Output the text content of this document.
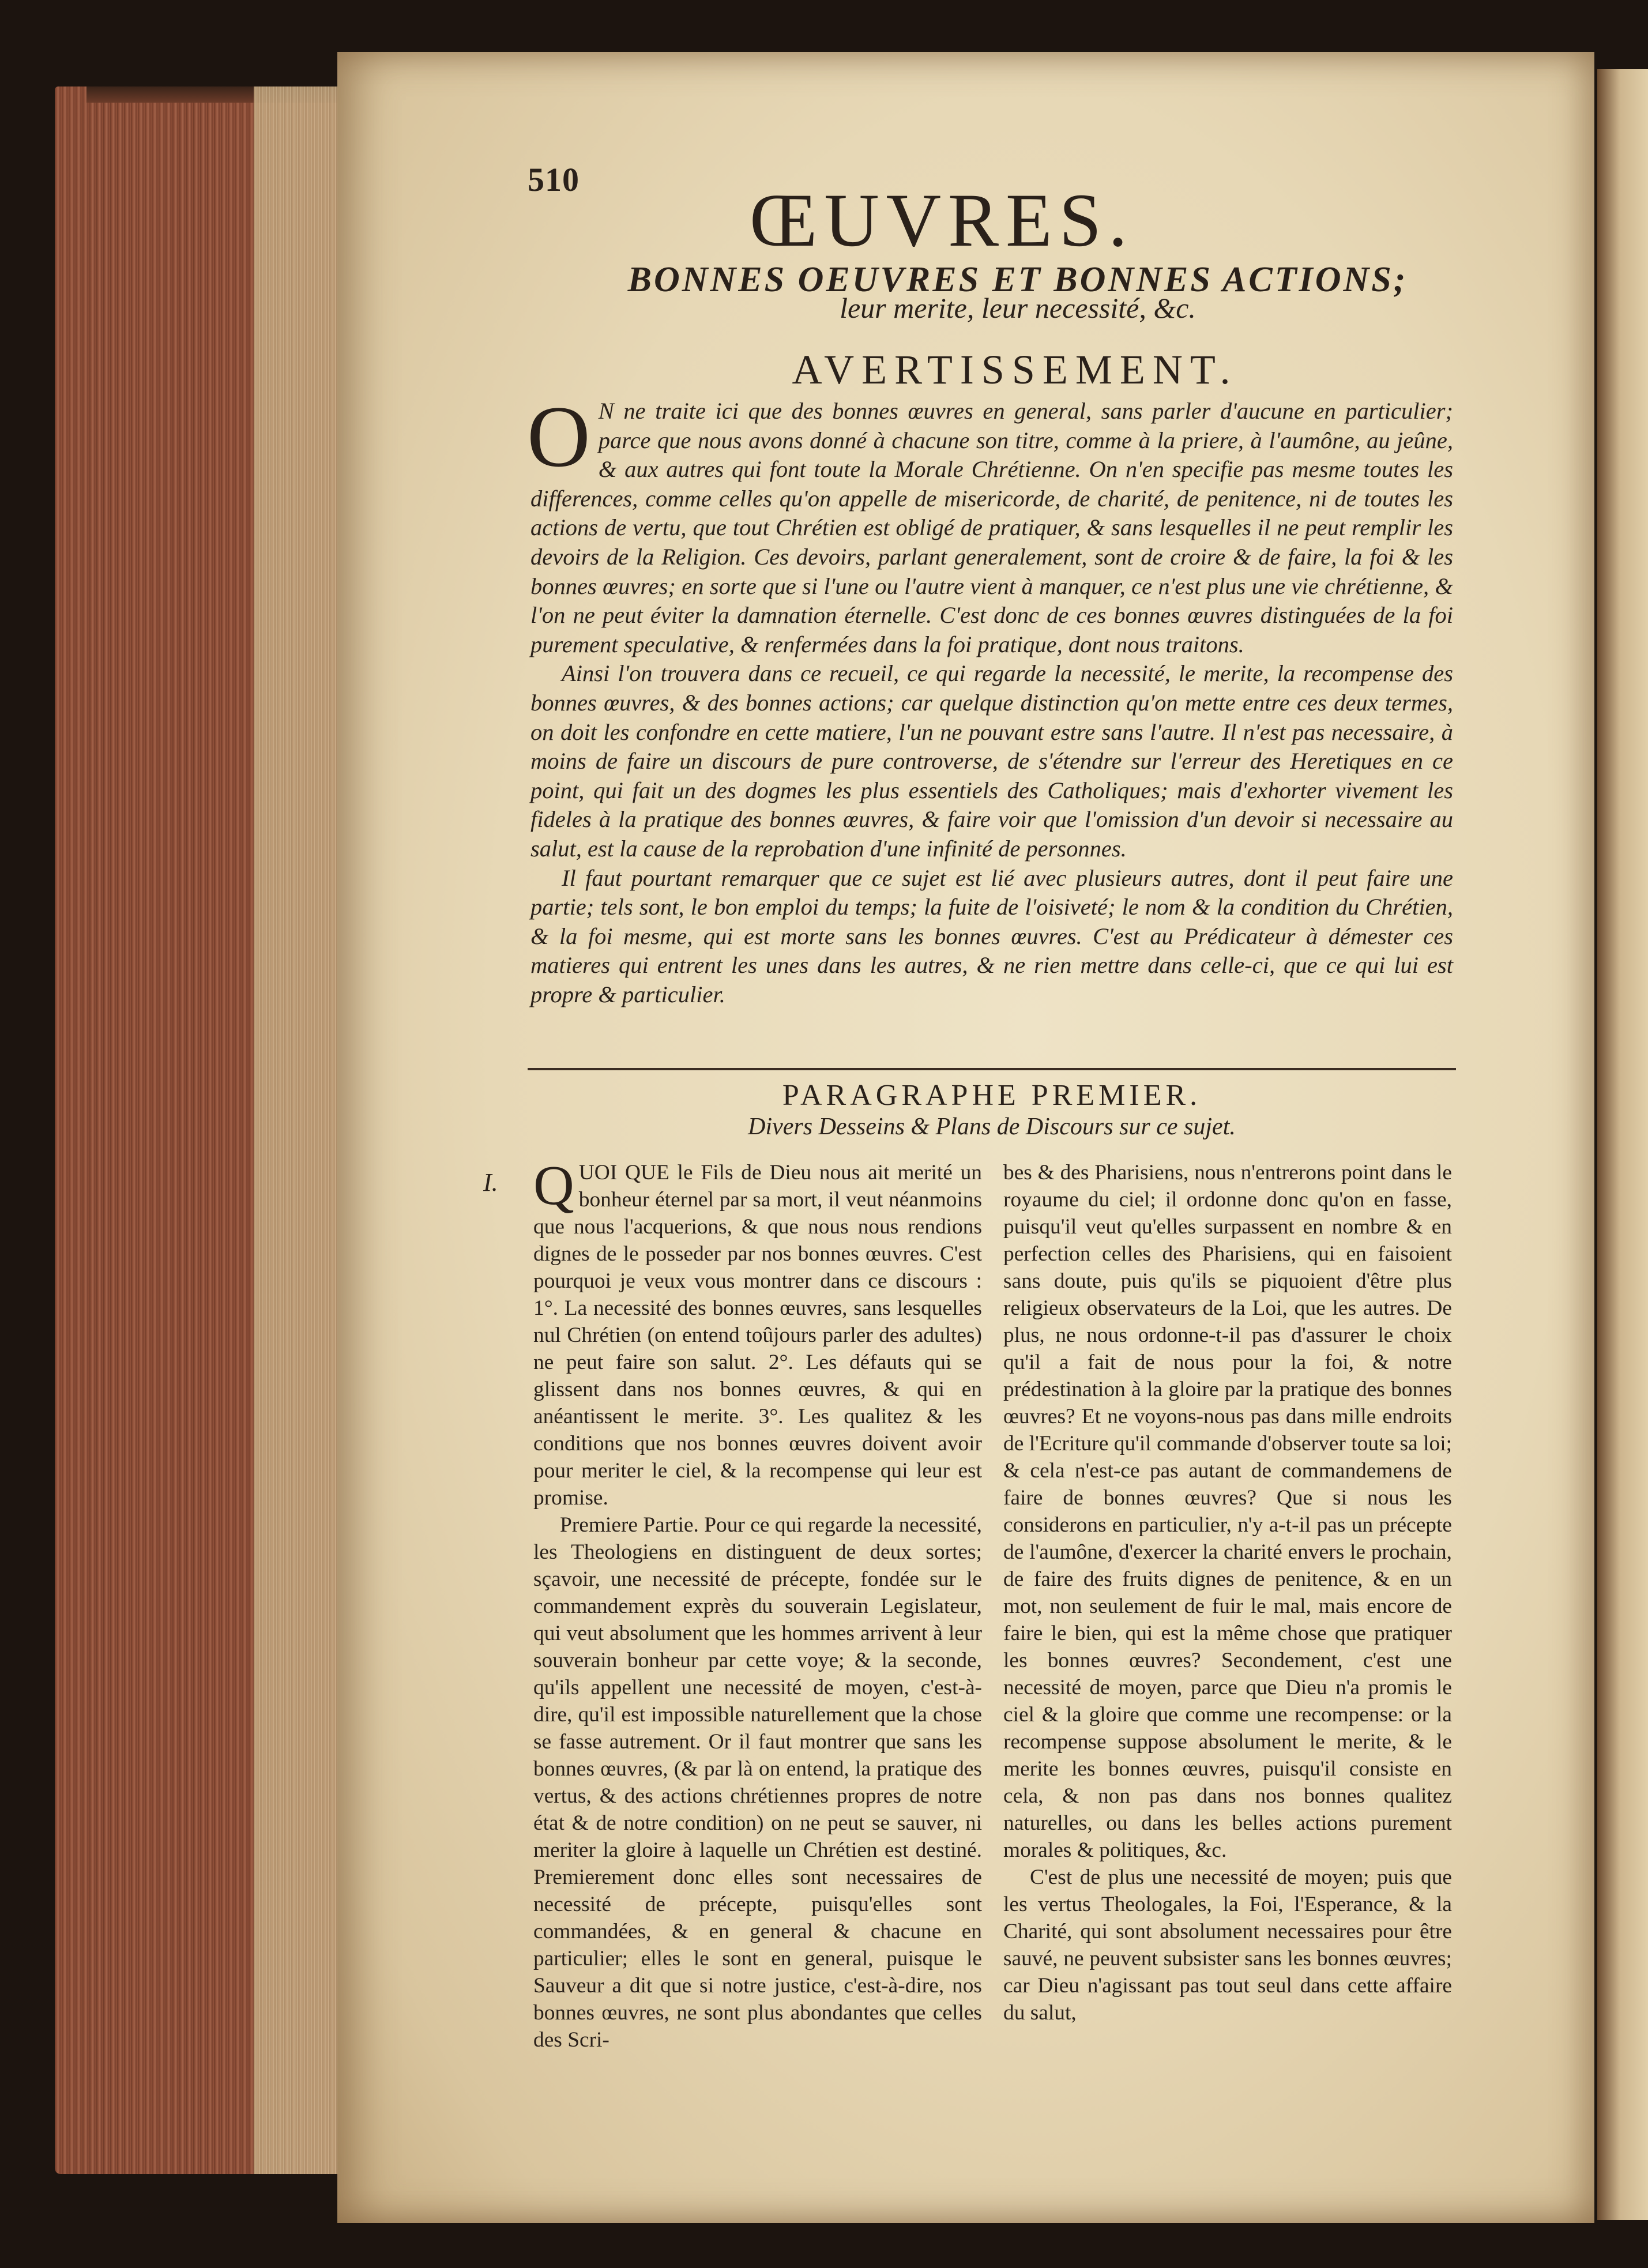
510 ŒUVRES.
BONNES OEUVRES ET BONNES ACTIONS;
leur merite, leur necessité, &c.
AVERTISSEMENT.
O N ne traite ici que des bonnes œuvres en general, sans parler d'aucune en particulier; parce que nous avons donné à chacune son titre, comme à la priere, à l'aumône, au jeûne, & aux autres qui font toute la Morale Chrétienne. On n'en specifie pas mesme toutes les differences, comme celles qu'on appelle de misericorde, de charité, de penitence, ni de toutes les actions de vertu, que tout Chrétien est obligé de pratiquer, & sans lesquelles il ne peut remplir les devoirs de la Religion. Ces devoirs, parlant generalement, sont de croire & de faire, la foi & les bonnes œuvres; en sorte que si l'une ou l'autre vient à manquer, ce n'est plus une vie chrétienne, & l'on ne peut éviter la damnation éternelle. C'est donc de ces bonnes œuvres distinguées de la foi purement speculative, & renfermées dans la foi pratique, dont nous traitons.

Ainsi l'on trouvera dans ce recueil, ce qui regarde la necessité, le merite, la recompense des bonnes œuvres, & des bonnes actions; car quelque distinction qu'on mette entre ces deux termes, on doit les confondre en cette matiere, l'un ne pouvant estre sans l'autre. Il n'est pas necessaire, à moins de faire un discours de pure controverse, de s'étendre sur l'erreur des Heretiques en ce point, qui fait un des dogmes les plus essentiels des Catholiques; mais d'exhorter vivement les fideles à la pratique des bonnes œuvres, & faire voir que l'omission d'un devoir si necessaire au salut, est la cause de la reprobation d'une infinité de personnes.

Il faut pourtant remarquer que ce sujet est lié avec plusieurs autres, dont il peut faire une partie; tels sont, le bon emploi du temps; la fuite de l'oisiveté; le nom & la condition du Chrétien, & la foi mesme, qui est morte sans les bonnes œuvres. C'est au Prédicateur à démester ces matieres qui entrent les unes dans les autres, & ne rien mettre dans celle-ci, que ce qui lui est propre & particulier.

PARAGRAPHE PREMIER.
Divers Desseins & Plans de Discours sur ce sujet.
I. Q UOI QUE le Fils de Dieu nous ait merité un bonheur éternel par sa mort, il veut néanmoins que nous l'acquerions, & que nous nous rendions dignes de le posseder par nos bonnes œuvres. C'est pourquoi je veux vous montrer dans ce discours : 1°. La necessité des bonnes œuvres, sans lesquelles nul Chrétien (on entend toûjours parler des adultes) ne peut faire son salut. 2°. Les défauts qui se glissent dans nos bonnes œuvres, & qui en anéantissent le merite. 3°. Les qualitez & les conditions que nos bonnes œuvres doivent avoir pour meriter le ciel, & la recompense qui leur est promise.

Premiere Partie. Pour ce qui regarde la necessité, les Theologiens en distinguent de deux sortes; sçavoir, une necessité de précepte, fondée sur le commandement exprès du souverain Legislateur, qui veut absolument que les hommes arrivent à leur souverain bonheur par cette voye; & la seconde, qu'ils appellent une necessité de moyen, c'est-à-dire, qu'il est impossible naturellement que la chose se fasse autrement. Or il faut montrer que sans les bonnes œuvres, (& par là on entend, la pratique des vertus, & des actions chrétiennes propres de notre état & de notre condition) on ne peut se sauver, ni meriter la gloire à laquelle un Chrétien est destiné. Premierement donc elles sont necessaires de necessité de précepte, puisqu'elles sont commandées, & en general & chacune en particulier; elles le sont en general, puisque le Sauveur a dit que si notre justice, c'est-à-dire, nos bonnes œuvres, ne sont plus abondantes que celles des Scri-

bes & des Pharisiens, nous n'entrerons point dans le royaume du ciel; il ordonne donc qu'on en fasse, puisqu'il veut qu'elles surpassent en nombre & en perfection celles des Pharisiens, qui en faisoient sans doute, puis qu'ils se piquoient d'être plus religieux observateurs de la Loi, que les autres. De plus, ne nous ordonne-t-il pas d'assurer le choix qu'il a fait de nous pour la foi, & notre prédestination à la gloire par la pratique des bonnes œuvres? Et ne voyons-nous pas dans mille endroits de l'Ecriture qu'il commande d'observer toute sa loi; & cela n'est-ce pas autant de commandemens de faire de bonnes œuvres? Que si nous les considerons en particulier, n'y a-t-il pas un précepte de l'aumône, d'exercer la charité envers le prochain, de faire des fruits dignes de penitence, & en un mot, non seulement de fuir le mal, mais encore de faire le bien, qui est la même chose que pratiquer les bonnes œuvres? Secondement, c'est une necessité de moyen, parce que Dieu n'a promis le ciel & la gloire que comme une recompense: or la recompense suppose absolument le merite, & le merite les bonnes œuvres, puisqu'il consiste en cela, & non pas dans nos bonnes qualitez naturelles, ou dans les belles actions purement morales & politiques, &c.

C'est de plus une necessité de moyen; puis que les vertus Theologales, la Foi, l'Esperance, & la Charité, qui sont absolument necessaires pour être sauvé, ne peuvent subsister sans les bonnes œuvres; car Dieu n'agissant pas tout seul dans cette affaire du salut,
